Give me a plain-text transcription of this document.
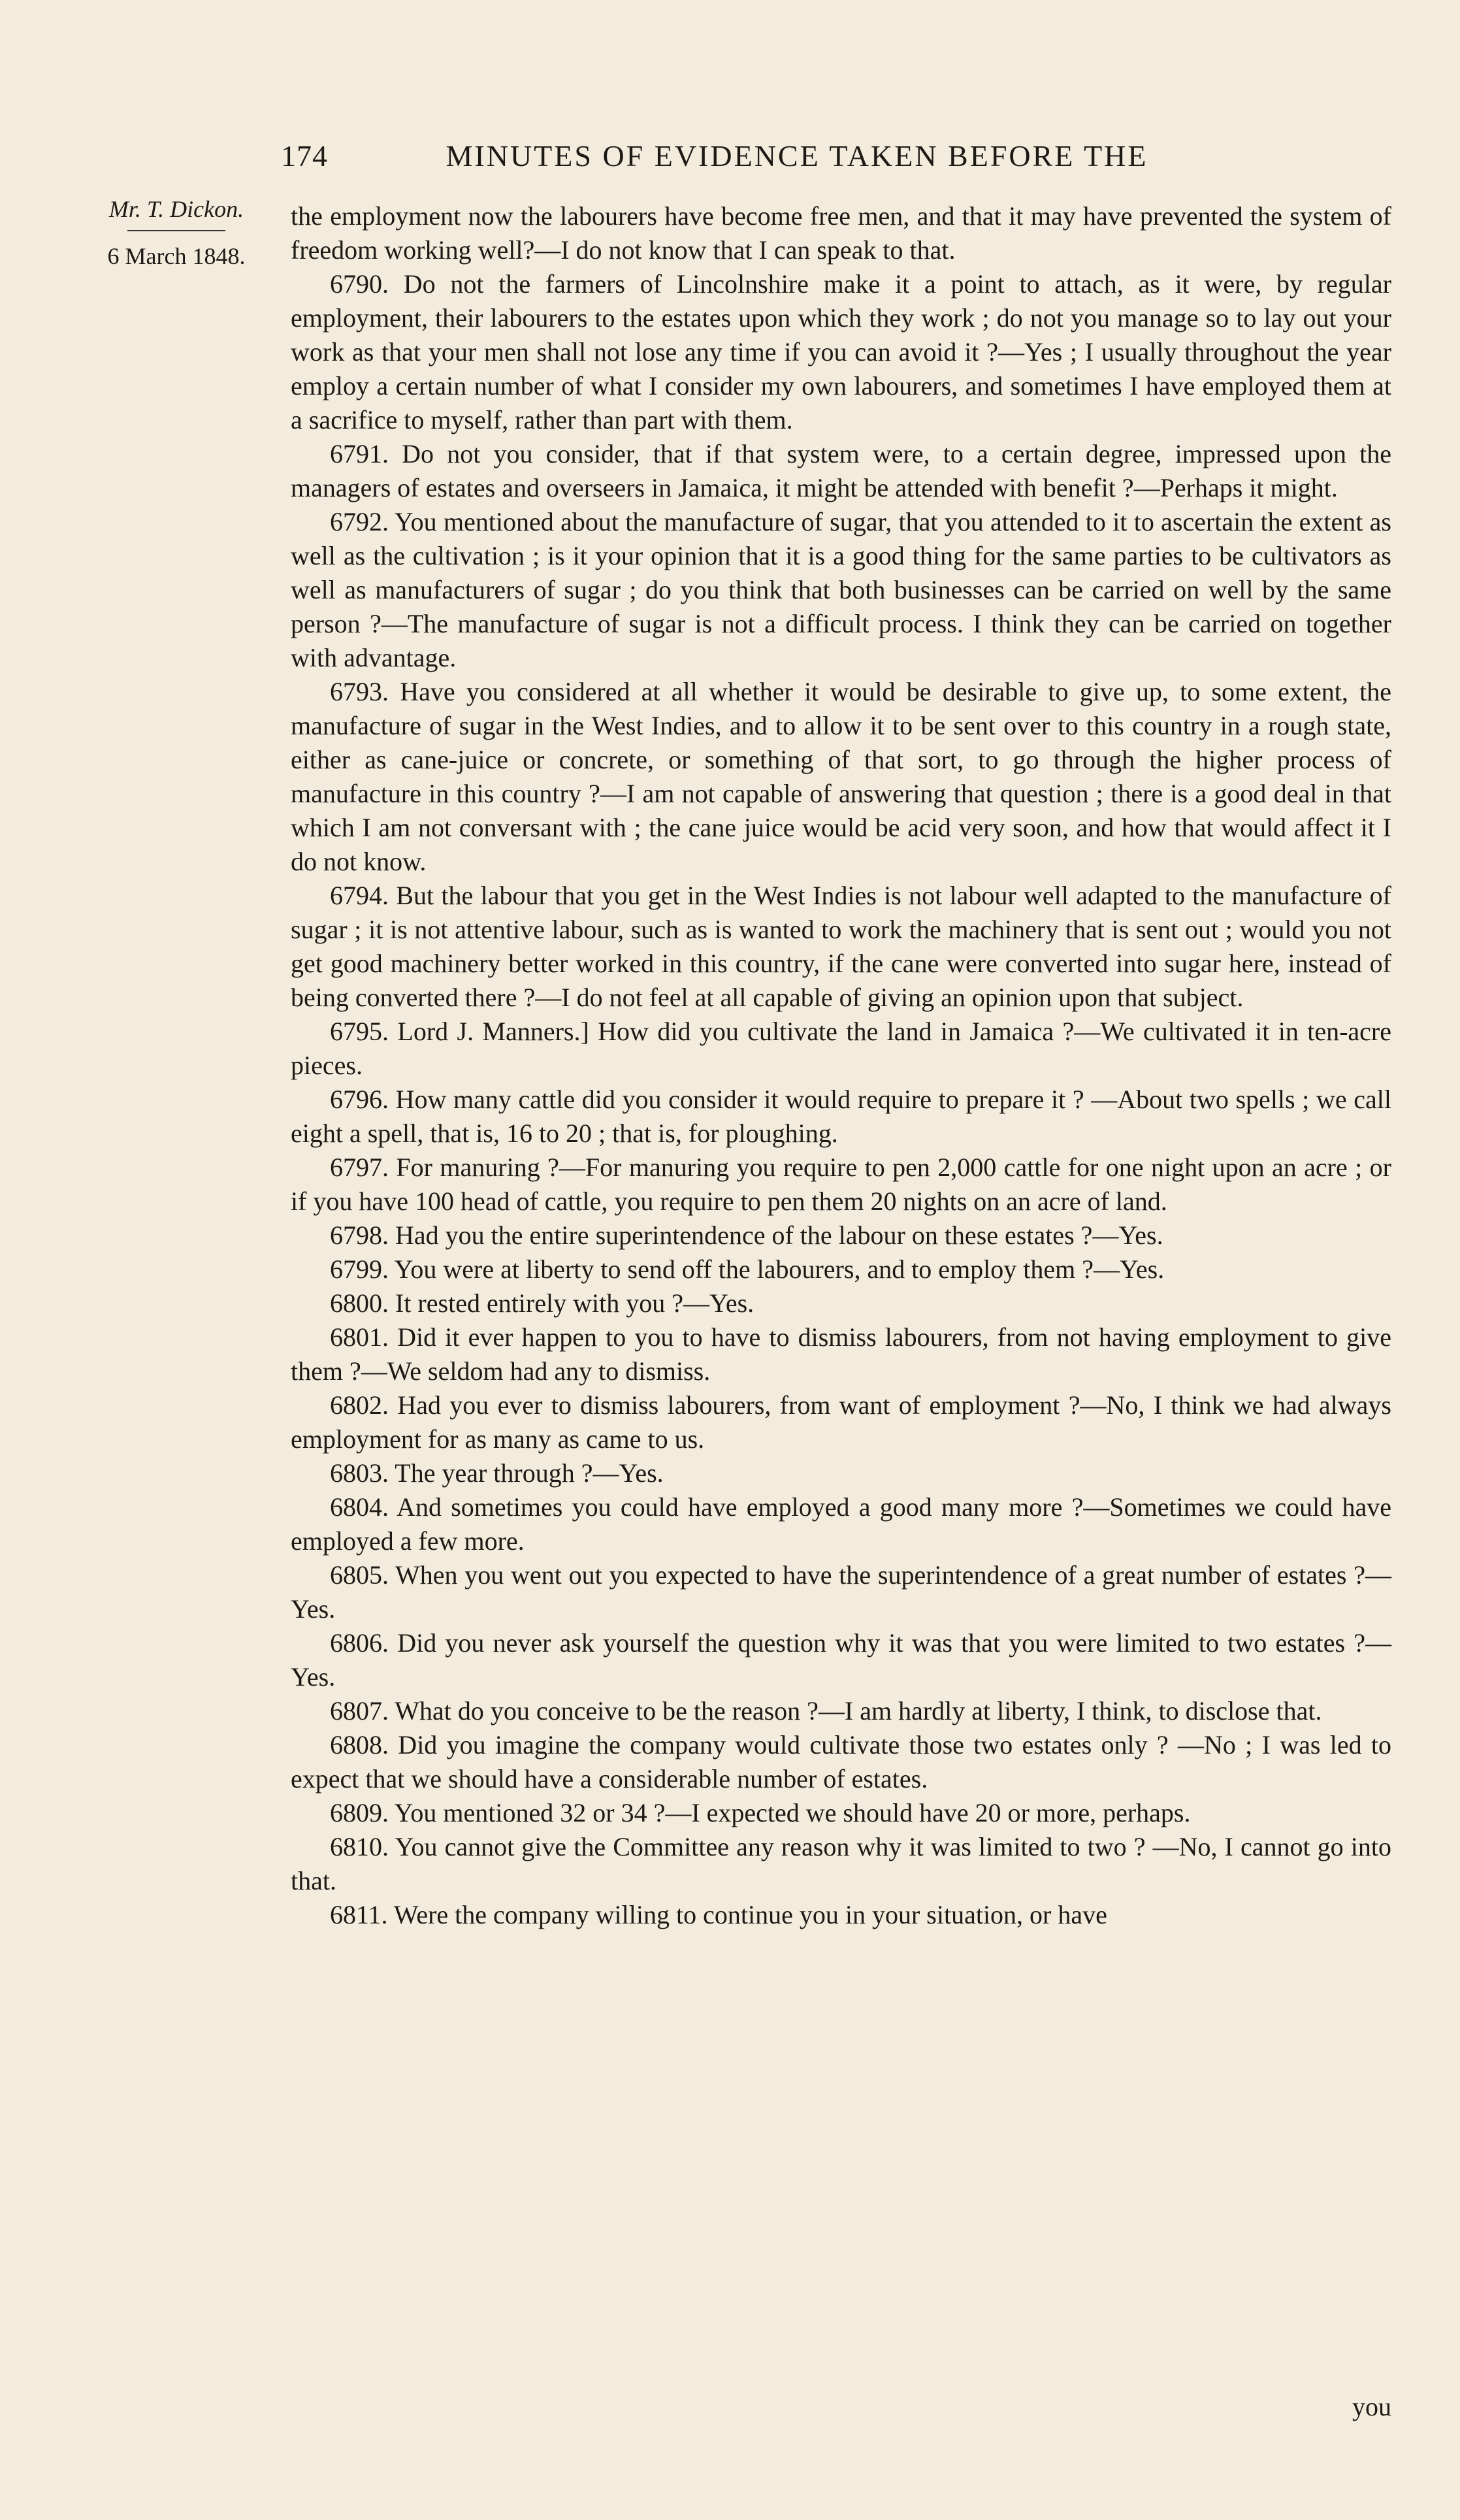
174	MINUTES OF EVIDENCE TAKEN BEFORE THE
Mr. T. Dickon.
6 March 1848.

the employment now the labourers have become free men, and that it may have prevented the system of freedom working well?—I do not know that I can speak to that.

6790. Do not the farmers of Lincolnshire make it a point to attach, as it were, by regular employment, their labourers to the estates upon which they work ; do not you manage so to lay out your work as that your men shall not lose any time if you can avoid it ?—Yes ; I usually throughout the year employ a certain number of what I consider my own labourers, and sometimes I have employed them at a sacrifice to myself, rather than part with them.

6791. Do not you consider, that if that system were, to a certain degree, impressed upon the managers of estates and overseers in Jamaica, it might be attended with benefit ?—Perhaps it might.

6792. You mentioned about the manufacture of sugar, that you attended to it to ascertain the extent as well as the cultivation ; is it your opinion that it is a good thing for the same parties to be cultivators as well as manufacturers of sugar ; do you think that both businesses can be carried on well by the same person ?—The manufacture of sugar is not a difficult process. I think they can be carried on together with advantage.

6793. Have you considered at all whether it would be desirable to give up, to some extent, the manufacture of sugar in the West Indies, and to allow it to be sent over to this country in a rough state, either as cane-juice or concrete, or something of that sort, to go through the higher process of manufacture in this country ?—I am not capable of answering that question ; there is a good deal in that which I am not conversant with ; the cane juice would be acid very soon, and how that would affect it I do not know.

6794. But the labour that you get in the West Indies is not labour well adapted to the manufacture of sugar ; it is not attentive labour, such as is wanted to work the machinery that is sent out ; would you not get good machinery better worked in this country, if the cane were converted into sugar here, instead of being converted there ?—I do not feel at all capable of giving an opinion upon that subject.

6795. Lord J. Manners.] How did you cultivate the land in Jamaica ?—We cultivated it in ten-acre pieces.

6796. How many cattle did you consider it would require to prepare it ? —About two spells ; we call eight a spell, that is, 16 to 20 ; that is, for ploughing.

6797. For manuring ?—For manuring you require to pen 2,000 cattle for one night upon an acre ; or if you have 100 head of cattle, you require to pen them 20 nights on an acre of land.

6798. Had you the entire superintendence of the labour on these estates ?—Yes.

6799. You were at liberty to send off the labourers, and to employ them ?—Yes.

6800. It rested entirely with you ?—Yes.

6801. Did it ever happen to you to have to dismiss labourers, from not having employment to give them ?—We seldom had any to dismiss.

6802. Had you ever to dismiss labourers, from want of employment ?—No, I think we had always employment for as many as came to us.

6803. The year through ?—Yes.

6804. And sometimes you could have employed a good many more ?—Sometimes we could have employed a few more.

6805. When you went out you expected to have the superintendence of a great number of estates ?—Yes.

6806. Did you never ask yourself the question why it was that you were limited to two estates ?—Yes.

6807. What do you conceive to be the reason ?—I am hardly at liberty, I think, to disclose that.

6808. Did you imagine the company would cultivate those two estates only ? —No ; I was led to expect that we should have a considerable number of estates.

6809. You mentioned 32 or 34 ?—I expected we should have 20 or more, perhaps.

6810. You cannot give the Committee any reason why it was limited to two ? —No, I cannot go into that.

6811. Were the company willing to continue you in your situation, or have

you
